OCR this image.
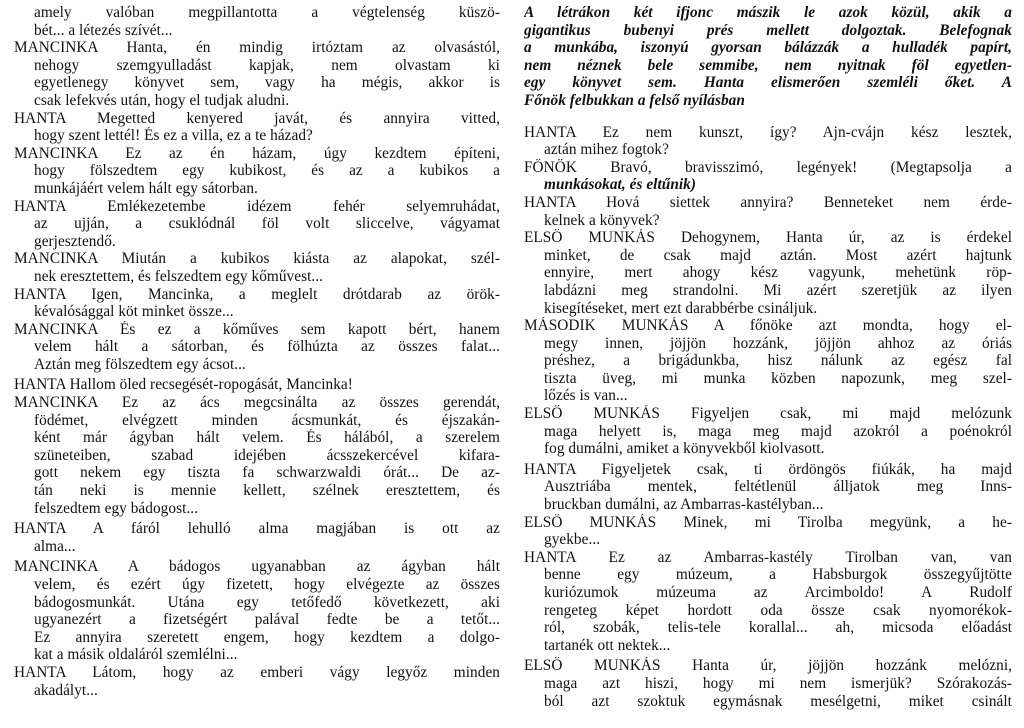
amely valóban megpillantotta a végtelenség küszö-
bét... a létezés szívét...
MANCINKA Hanta, én mindig irtóztam az olvasástól,
nehogy szemgyulladást kapjak, nem olvastam ki
egyetlenegy könyvet sem, vagy ha mégis, akkor is
csak lefekvés után, hogy el tudjak aludni.
HANTA Megetted kenyered javát, és annyira vitted,
hogy szent lettél! És ez a villa, ez a te házad?
MANCINKA Ez az én házam, úgy kezdtem építeni,
hogy fölszedtem egy kubikost, és az a kubikos a
munkájáért velem hált egy sátorban.
HANTA Emlékezetembe idézem fehér selyemruhádat,
az ujján, a csuklódnál föl volt sliccelve, vágyamat
gerjesztendő.
MANCINKA Miután a kubikos kiásta az alapokat, szél-
nek eresztettem, és felszedtem egy kőművest...
HANTA Igen, Mancinka, a meglelt drótdarab az örök-
kévalósággal köt minket össze...
MANCINKA És ez a kőműves sem kapott bért, hanem
velem hált a sátorban, és fölhúzta az összes falat...
Aztán meg fölszedtem egy ácsot...
HANTA Hallom öled recsegését-ropogását, Mancinka!
MANCINKA Ez az ács megcsinálta az összes gerendát,
födémet, elvégzett minden ácsmunkát, és éjszakán-
ként már ágyban hált velem. És hálából, a szerelem
szüneteiben, szabad idejében ácsszekercével kifara-
gott nekem egy tiszta fa schwarzwaldi órát... De az-
tán neki is mennie kellett, szélnek eresztettem, és
felszedtem egy bádogost...
HANTA A fáról lehulló alma magjában is ott az
alma...
MANCINKA A bádogos ugyanabban az ágyban hált
velem, és ezért úgy fizetett, hogy elvégezte az összes
bádogosmunkát. Utána egy tetőfedő következett, aki
ugyanezért a fizetségért palával fedte be a tetőt...
Ez annyira szeretett engem, hogy kezdtem a dolgo-
kat a másik oldaláról szemlélni...
HANTA Látom, hogy az emberi vágy legyőz minden
akadályt...
A létrákon két ifjonc mászik le azok közül, akik a
gigantikus bubenyi prés mellett dolgoztak. Belefognak
a munkába, iszonyú gyorsan bálázzák a hulladék papírt,
nem néznek bele semmibe, nem nyitnak föl egyetlen-
egy könyvet sem. Hanta elismerően szemléli őket. A
Főnök felbukkan a felső nyílásban
HANTA Ez nem kunszt, így? Ajn-cvájn kész lesztek,
aztán mihez fogtok?
FŐNÖK Bravó, bravisszimó, legények! (Megtapsolja a
munkásokat, és eltűnik)
HANTA Hová siettek annyira? Benneteket nem érde-
kelnek a könyvek?
ELSŐ MUNKÁS Dehogynem, Hanta úr, az is érdekel
minket, de csak majd aztán. Most azért hajtunk
ennyire, mert ahogy kész vagyunk, mehetünk röp-
labdázni meg strandolni. Mi azért szeretjük az ilyen
kisegítéseket, mert ezt darabbérbe csináljuk.
MÁSODIK MUNKÁS A főnöke azt mondta, hogy el-
megy innen, jöjjön hozzánk, jöjjön ahhoz az óriás
préshez, a brigádunkba, hisz nálunk az egész fal
tiszta üveg, mi munka közben napozunk, meg szel-
lőzés is van...
ELSŐ MUNKÁS Figyeljen csak, mi majd melózunk
maga helyett is, maga meg majd azokról a poénokról
fog dumálni, amiket a könyvekből kiolvasott.
HANTA Figyeljetek csak, ti ördöngös fiúkák, ha majd
Ausztriába mentek, feltétlenül álljatok meg Inns-
bruckban dumálni, az Ambarras-kastélyban...
ELSŐ MUNKÁS Minek, mi Tirolba megyünk, a he-
gyekbe...
HANTA Ez az Ambarras-kastély Tirolban van, van
benne egy múzeum, a Habsburgok összegyűjtötte
kuriózumok múzeuma az Arcimboldo! A Rudolf
rengeteg képet hordott oda össze csak nyomorékok-
ról, szobák, telis-tele korallal... ah, micsoda előadást
tartanék ott nektek...
ELSŐ MUNKÁS Hanta úr, jöjjön hozzánk melózni,
maga azt hiszi, hogy mi nem ismerjük? Szórakozás-
ból azt szoktuk egymásnak mesélgetni, miket csinált
